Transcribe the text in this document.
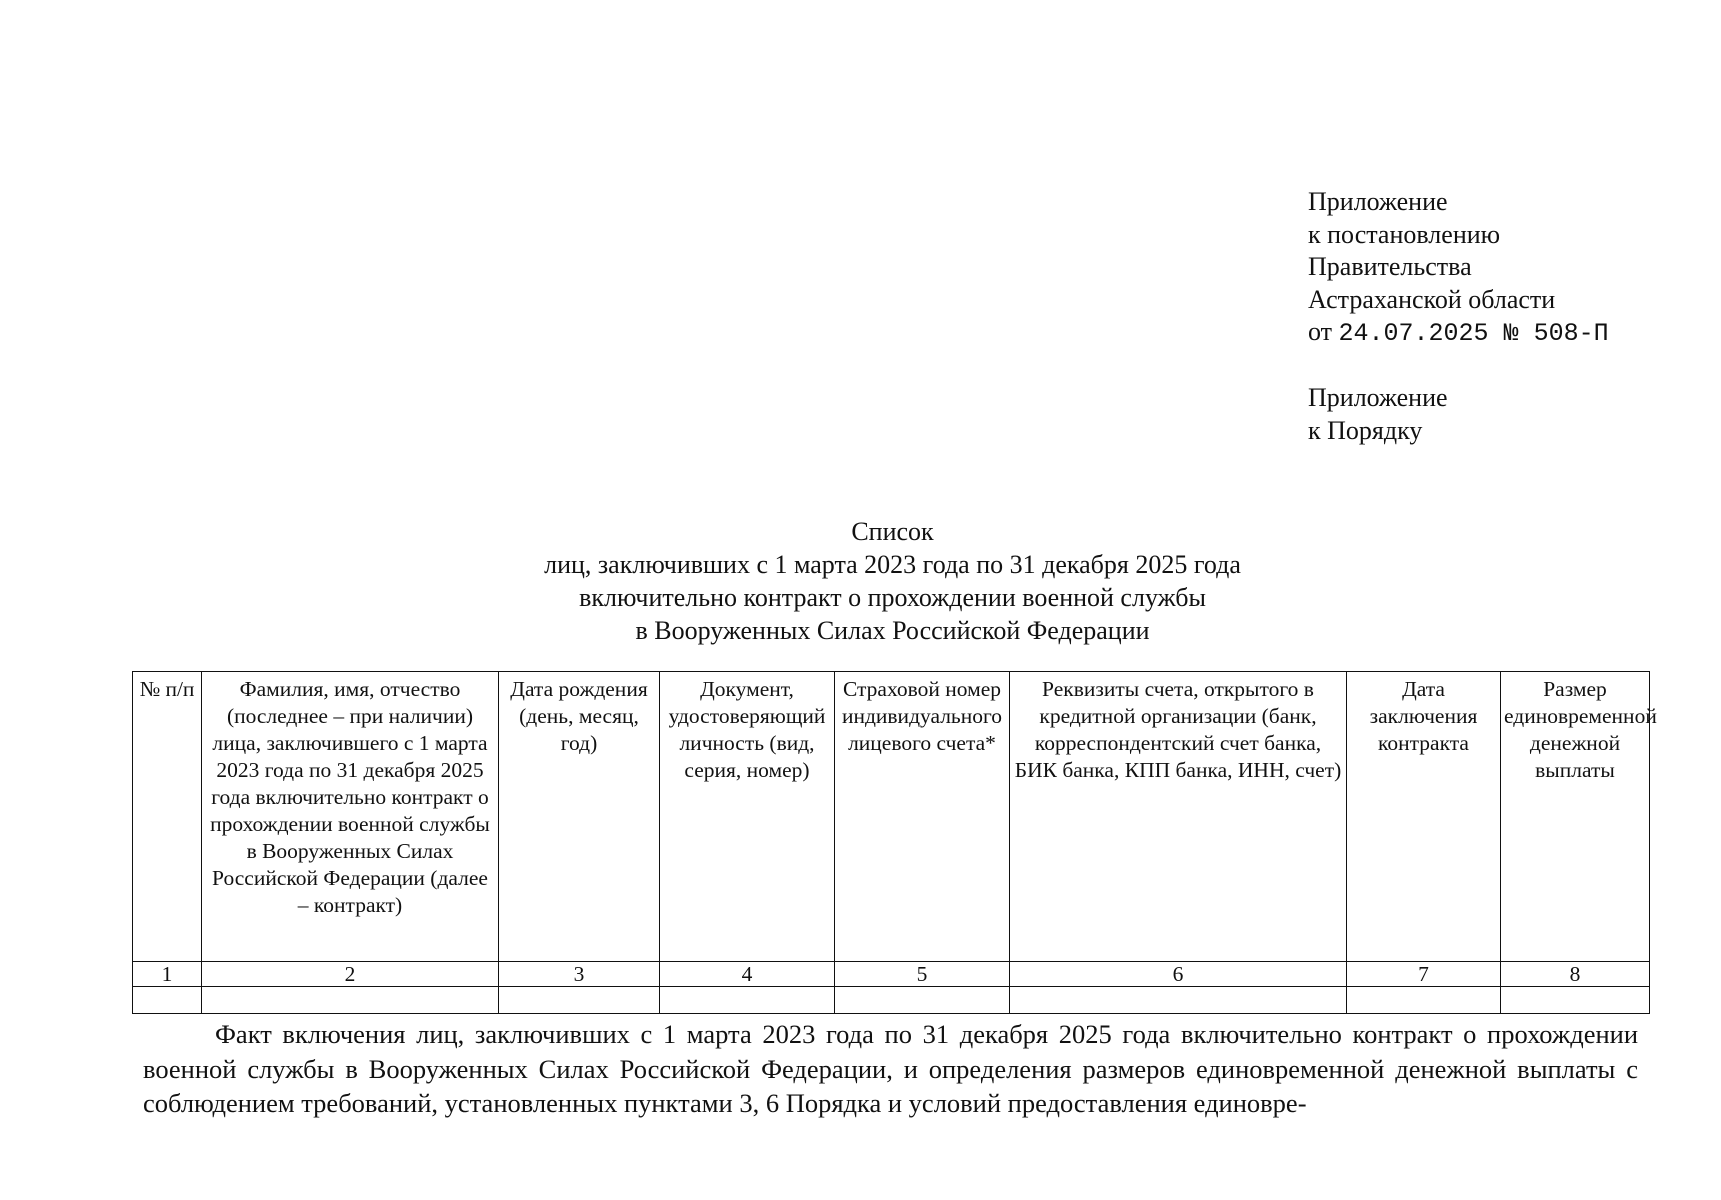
Приложение
к постановлению
Правительства
Астраханской области
от 24.07.2025 № 508-П
Приложение
к Порядку
Список
лиц, заключивших с 1 марта 2023 года по 31 декабря 2025 года
включительно контракт о прохождении военной службы
в Вооруженных Силах Российской Федерации
№ п/п	Фамилия, имя, отчество (последнее – при наличии) лица, заключившего с 1 марта 2023 года по 31 декабря 2025 года включительно контракт о прохождении военной службы в Вооруженных Силах Российской Федерации (далее – контракт)	Дата рождения (день, месяц, год)	Документ, удостоверяющий личность (вид, серия, номер)	Страховой номер индивидуального лицевого счета*	Реквизиты счета, открытого в кредитной организации (банк, корреспондентский счет банка, БИК банка, КПП банка, ИНН, счет)	Дата заключения контракта	Размер единовременной денежной выплаты
1	2	3	4	5	6	7	8

Факт включения лиц, заключивших с 1 марта 2023 года по 31 декабря 2025 года включительно контракт о прохождении военной службы в Вооруженных Силах Российской Федерации, и определения размеров единовременной денежной выплаты с соблюдением требований, установленных пунктами 3, 6 Порядка и условий предоставления единовре-
